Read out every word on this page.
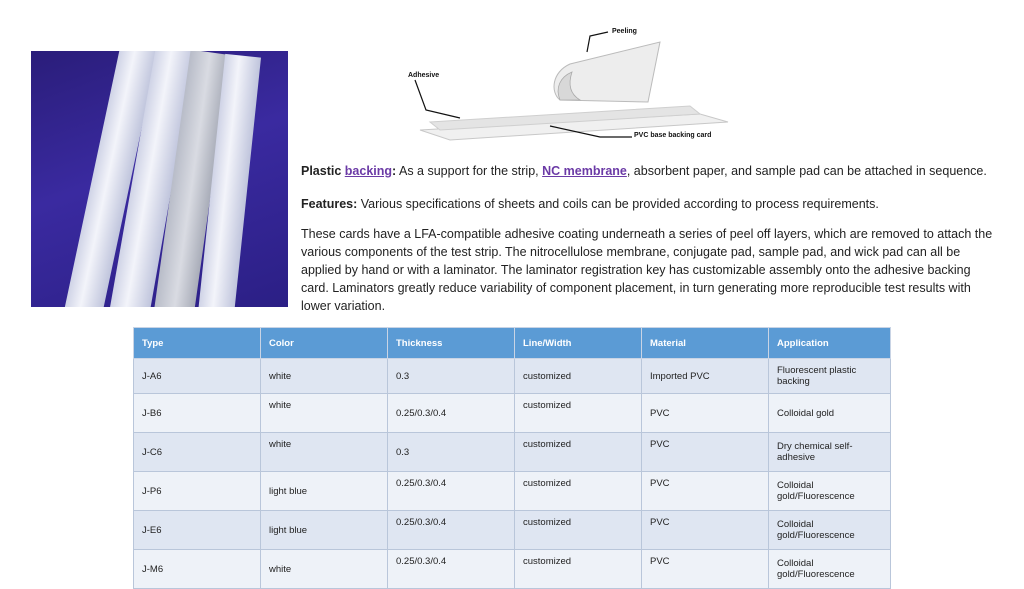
Peeling
Adhesive
PVC base backing card
Plastic backing: As a support for the strip, NC membrane, absorbent paper, and sample pad can be attached in sequence.
Features: Various specifications of sheets and coils can be provided according to process requirements.
These cards have a LFA-compatible adhesive coating underneath a series of peel off layers, which are removed to attach the various components of the test strip. The nitrocellulose membrane, conjugate pad, sample pad, and wick pad can all be applied by hand or with a laminator. The laminator registration key has customizable assembly onto the adhesive backing card. Laminators greatly reduce variability of component placement, in turn generating more reproducible test results with lower variation.
Type	Color	Thickness	Line/Width	Material	Application
J-A6	white	0.3	customized	Imported PVC	Fluorescent plastic backing
J-B6	white	0.25/0.3/0.4	customized	PVC	Colloidal gold
J-C6	white	0.3	customized	PVC	Dry chemical self-adhesive
J-P6	light blue	0.25/0.3/0.4	customized	PVC	Colloidal gold/Fluorescence
J-E6	light blue	0.25/0.3/0.4	customized	PVC	Colloidal gold/Fluorescence
J-M6	white	0.25/0.3/0.4	customized	PVC	Colloidal gold/Fluorescence
